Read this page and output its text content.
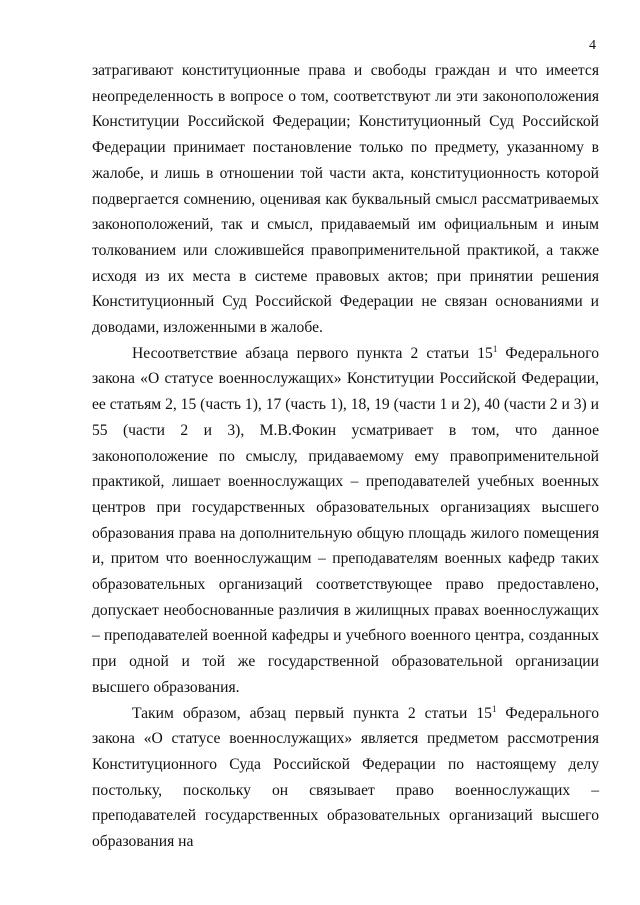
4

затрагивают конституционные права и свободы граждан и что имеется неопределенность в вопросе о том, соответствуют ли эти законоположения Конституции Российской Федерации; Конституционный Суд Российской Федерации принимает постановление только по предмету, указанному в жалобе, и лишь в отношении той части акта, конституционность которой подвергается сомнению, оценивая как буквальный смысл рассматриваемых законоположений, так и смысл, придаваемый им официальным и иным толкованием или сложившейся правоприменительной практикой, а также исходя из их места в системе правовых актов; при принятии решения Конституционный Суд Российской Федерации не связан основаниями и доводами, изложенными в жалобе.

Несоответствие абзаца первого пункта 2 статьи $15^1$ Федерального закона «О статусе военнослужащих» Конституции Российской Федерации, ее статьям 2, 15 (часть 1), 17 (часть 1), 18, 19 (части 1 и 2), 40 (части 2 и 3) и 55 (части 2 и 3), М.В.Фокин усматривает в том, что данное законоположение по смыслу, придаваемому ему правоприменительной практикой, лишает военнослужащих – преподавателей учебных военных центров при государственных образовательных организациях высшего образования права на дополнительную общую площадь жилого помещения и, притом что военнослужащим – преподавателям военных кафедр таких образовательных организаций соответствующее право предоставлено, допускает необоснованные различия в жилищных правах военнослужащих – преподавателей военной кафедры и учебного военного центра, созданных при одной и той же государственной образовательной организации высшего образования.

Таким образом, абзац первый пункта 2 статьи $15^1$ Федерального закона «О статусе военнослужащих» является предметом рассмотрения Конституционного Суда Российской Федерации по настоящему делу постольку, поскольку он связывает право военнослужащих – преподавателей государственных образовательных организаций высшего образования на
